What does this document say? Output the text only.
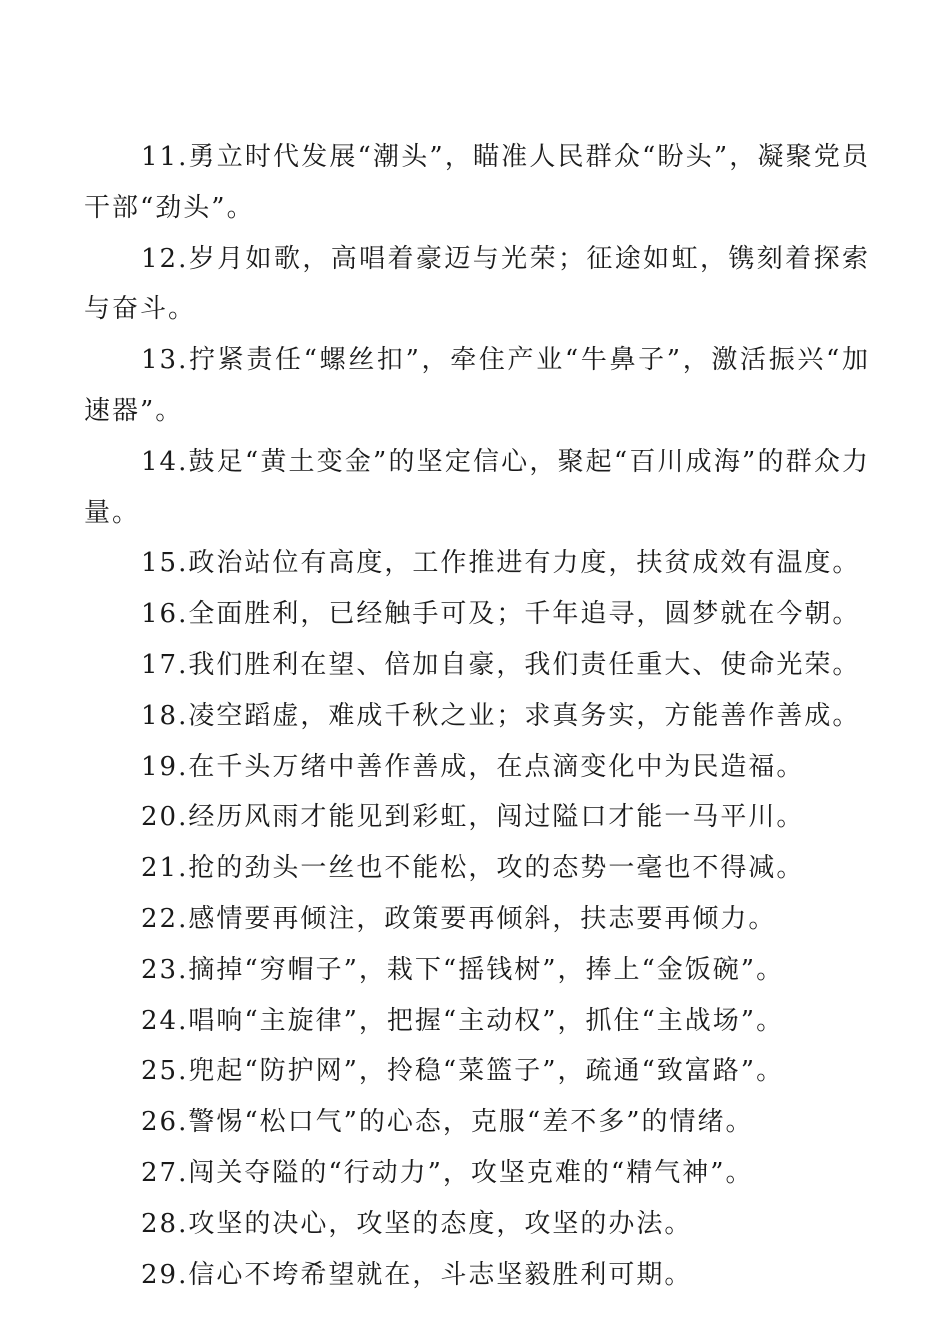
11.勇立时代发展“潮头”，瞄准人民群众“盼头”，凝聚党员干部“劲头”。

12.岁月如歌，高唱着豪迈与光荣；征途如虹，镌刻着探索与奋斗。

13.拧紧责任“螺丝扣”，牵住产业“牛鼻子”，激活振兴“加速器”。

14.鼓足“黄土变金”的坚定信心，聚起“百川成海”的群众力量。

15.政治站位有高度，工作推进有力度，扶贫成效有温度。

16.全面胜利，已经触手可及；千年追寻，圆梦就在今朝。

17.我们胜利在望、倍加自豪，我们责任重大、使命光荣。

18.凌空蹈虚，难成千秋之业；求真务实，方能善作善成。

19.在千头万绪中善作善成，在点滴变化中为民造福。

20.经历风雨才能见到彩虹，闯过隘口才能一马平川。

21.抢的劲头一丝也不能松，攻的态势一毫也不得减。

22.感情要再倾注，政策要再倾斜，扶志要再倾力。

23.摘掉“穷帽子”，栽下“摇钱树”，捧上“金饭碗”。

24.唱响“主旋律”，把握“主动权”，抓住“主战场”。

25.兜起“防护网”，拎稳“菜篮子”，疏通“致富路”。

26.警惕“松口气”的心态，克服“差不多”的情绪。

27.闯关夺隘的“行动力”，攻坚克难的“精气神”。

28.攻坚的决心，攻坚的态度，攻坚的办法。

29.信心不垮希望就在，斗志坚毅胜利可期。
